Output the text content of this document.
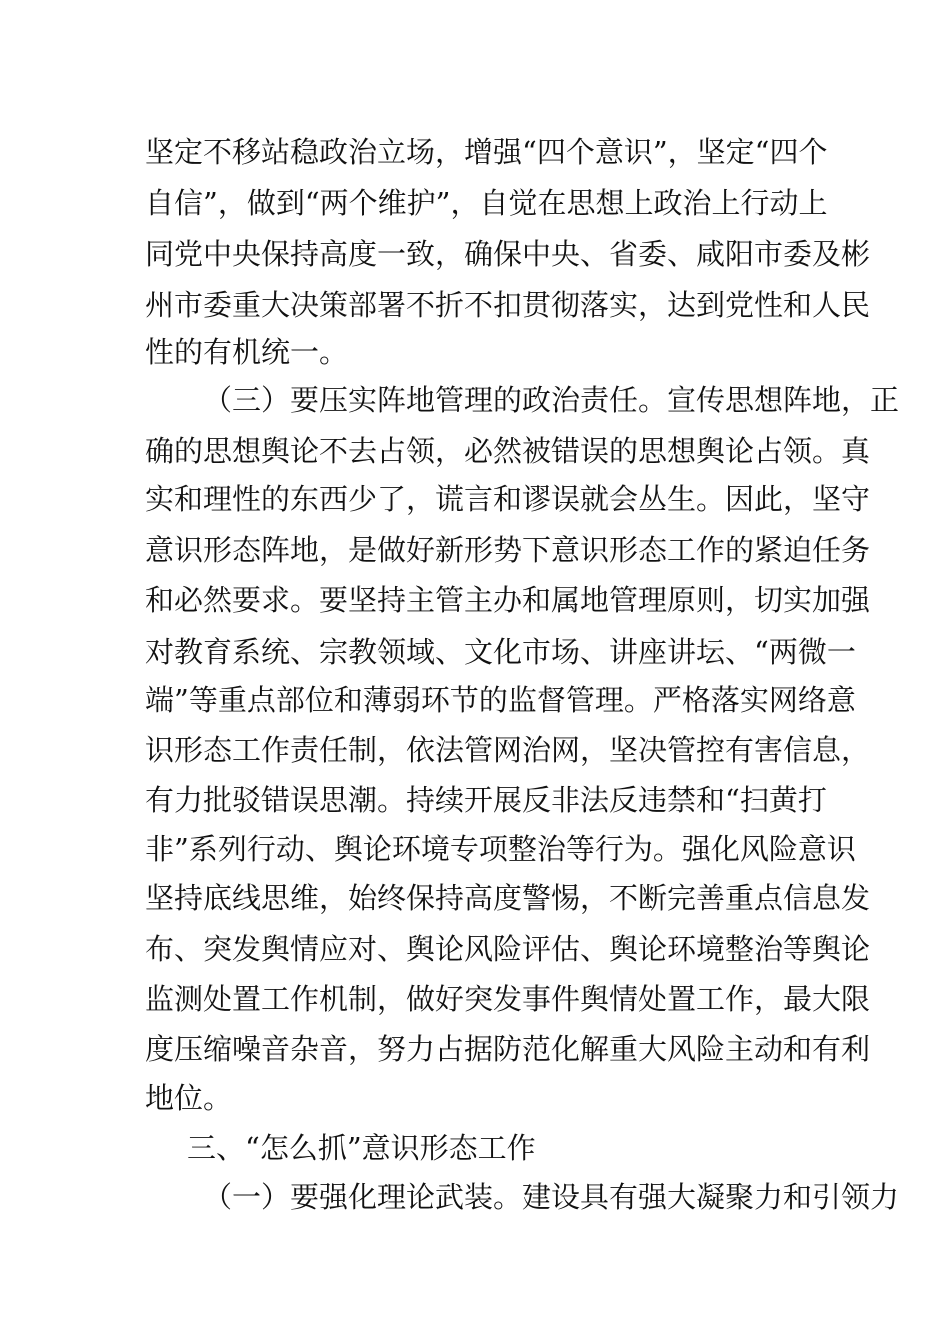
坚定不移站稳政治立场，增强“四个意识”，坚定“四个
自信”，做到“两个维护”，自觉在思想上政治上行动上
同党中央保持高度一致，确保中央、省委、咸阳市委及彬
州市委重大决策部署不折不扣贯彻落实，达到党性和人民
性的有机统一。
（三）要压实阵地管理的政治责任。宣传思想阵地，正
确的思想舆论不去占领，必然被错误的思想舆论占领。真
实和理性的东西少了，谎言和谬误就会丛生。因此，坚守
意识形态阵地，是做好新形势下意识形态工作的紧迫任务
和必然要求。要坚持主管主办和属地管理原则，切实加强
对教育系统、宗教领域、文化市场、讲座讲坛、“两微一
端”等重点部位和薄弱环节的监督管理。严格落实网络意
识形态工作责任制，依法管网治网，坚决管控有害信息，
有力批驳错误思潮。持续开展反非法反违禁和“扫黄打
非”系列行动、舆论环境专项整治等行为。强化风险意识
坚持底线思维，始终保持高度警惕，不断完善重点信息发
布、突发舆情应对、舆论风险评估、舆论环境整治等舆论
监测处置工作机制，做好突发事件舆情处置工作，最大限
度压缩噪音杂音，努力占据防范化解重大风险主动和有利
地位。
三、“怎么抓”意识形态工作
（一）要强化理论武装。建设具有强大凝聚力和引领力
